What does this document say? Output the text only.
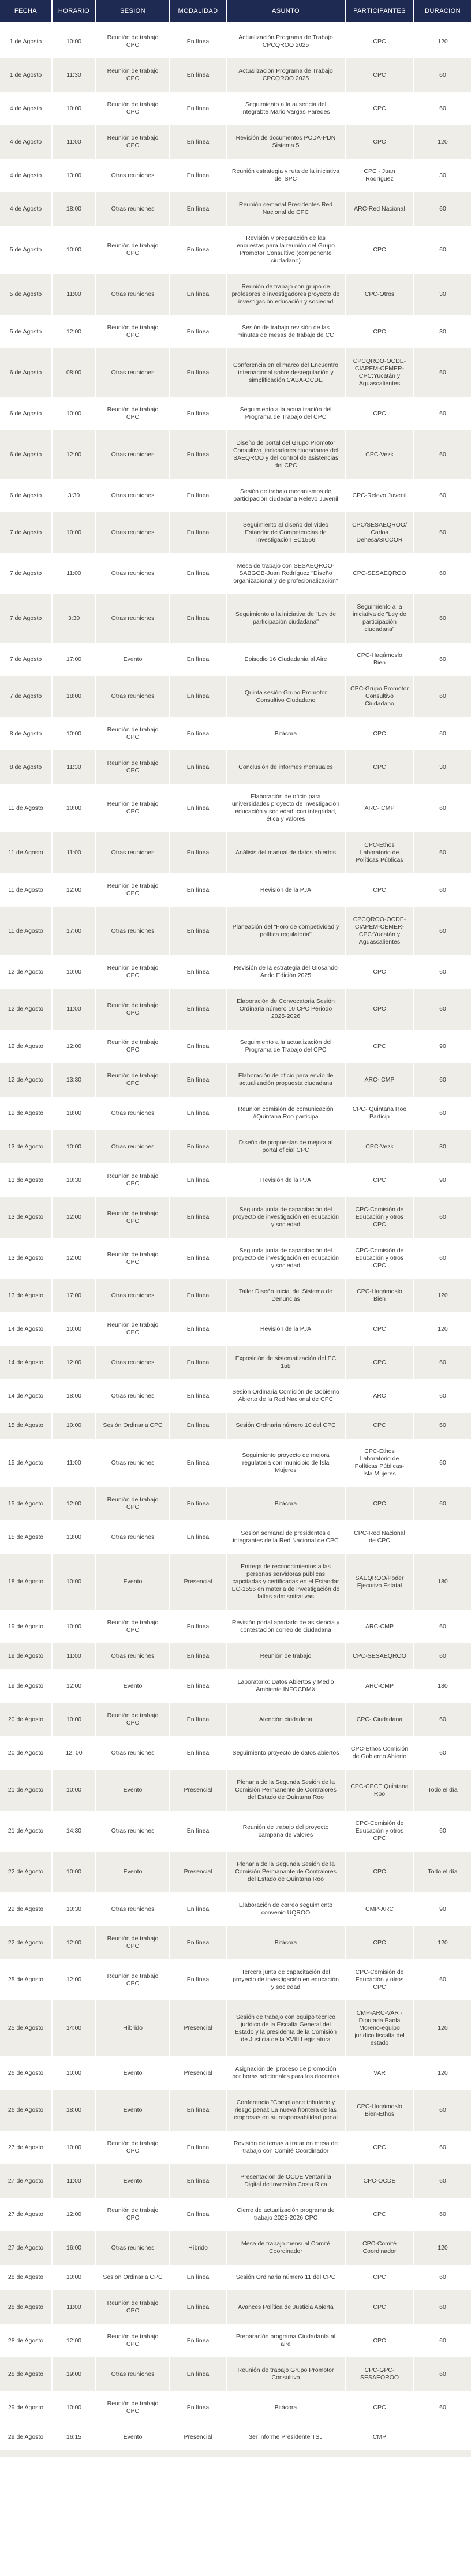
FECHA	HORARIO	SESION	MODALIDAD	ASUNTO	PARTICIPANTES	DURACIÓN
1 de Agosto	10:00	Reunión de trabajo CPC	En línea	Actualización Programa de Trabajo CPCQROO 2025	CPC	120
1 de Agosto	11:30	Reunión de trabajo CPC	En línea	Actualización Programa de Trabajo CPCQROO 2025	CPC	60
4 de Agosto	10:00	Reunión de trabajo CPC	En línea	Seguimiento a la ausencia del integrabte Mario Vargas Paredes	CPC	60
4 de Agosto	11:00	Reunión de trabajo CPC	En línea	Revisión de documentos PCDA-PDN Sistema 5	CPC	120
4 de Agosto	13:00	Otras reuniones	En línea	Reunión estrategia y ruta de la iniciativa del SPC	CPC - Juan Rodríguez	30
4 de Agosto	18:00	Otras reuniones	En línea	Reunión semanal Presidentes Red Nacional de CPC	ARC-Red Nacional	60
5 de Agosto	10:00	Reunión de trabajo CPC	En línea	Revisión y preparación de las encuestas para la reunión del Grupo Promotor Consultivo (componente ciudadano)	CPC	60
5 de Agosto	11:00	Otras reuniones	En línea	Reunión de trabajo con grupo de profesores e investigadores proyecto de investigación educación y sociedad	CPC-Otros	30
5 de Agosto	12:00	Reunión de trabajo CPC	En línea	Sesión de trabajo revisión de las minutas de mesas de trabajo de CC	CPC	30
6 de Agosto	08:00	Otras reuniones	En línea	Conferencia en el marco del Encuentro internacional sobre desregulación y simplificación CABA-OCDE	CPCQROO-OCDE-CIAPEM-CEMER-CPC:Yucatán y Aguascalientes	60
6 de Agosto	10:00	Reunión de trabajo CPC	En línea	Seguimiento a la actualización del Programa de Trabajo del CPC	CPC	60
6 de Agosto	12:00	Otras reuniones	En línea	Diseño de portal del Grupo Promotor Consultivo_indicadores ciudadanos del SAEQROO y del control de asistencias del CPC	CPC-Vezk	60
6 de Agosto	3:30	Otras reuniones	En línea	Sesión de trabajo mecanismos de participación ciudadana Relevo Juvenil	CPC-Relevo Juvenil	60
7 de Agosto	10:00	Otras reuniones	En línea	Seguimiento al diseño del video Estandar de Competencias de Investigación EC1556	CPC/SESAEQROO/Carlos Dehesa/SICCOR	60
7 de Agosto	11:00	Otras reuniones	En línea	Mesa de trabajo con SESAEQROO-SABGOB-Juan Rodríguez "Diseño organizacional y de profesionalización"	CPC-SESAEQROO	60
7 de Agosto	3:30	Otras reuniones	En línea	Seguimiento a la iniciativa de "Ley de participación ciudadana"	Seguimiento a la iniciativa de "Ley de participación ciudadana"	60
7 de Agosto	17:00	Evento	En línea	Episodio 16 Ciudadania al Aire	CPC-Hagámoslo Bien	60
7 de Agosto	18:00	Otras reuniones	En línea	Quinta sesión Grupo Promotor Consultivo Ciudadano	CPC-Grupo Promotor Consultivo Ciudadano	60
8 de Agosto	10:00	Reunión de trabajo CPC	En línea	Bitácora	CPC	60
8 de Agosto	11:30	Reunión de trabajo CPC	En línea	Conclusión de informes mensuales	CPC	30
11 de Agosto	10:00	Reunión de trabajo CPC	En línea	Elaboración de oficio para universidades proyecto de investigación educación y sociedad, con integridad, ética y valores	ARC- CMP	60
11 de Agosto	11:00	Otras reuniones	En línea	Análisis del manual de datos abiertos	CPC-Ethos Laboratorio de Políticas Públicas	60
11 de Agosto	12:00	Reunión de trabajo CPC	En línea	Revisión de la PJA	CPC	60
11 de Agosto	17:00	Otras reuniones	En línea	Planeación del "Foro de competividad y política regulatoria"	CPCQROO-OCDE-CIAPEM-CEMER-CPC:Yucatán y Aguascalientes	60
12 de Agosto	10:00	Reunión de trabajo CPC	En línea	Revisión de la estrategia del Glosando Ando Edición 2025	CPC	60
12 de Agosto	11:00	Reunión de trabajo CPC	En línea	Elaboración de Convocatoria Sesión Ordinaria número 10 CPC Periodo 2025-2026	CPC	60
12 de Agosto	12:00	Reunión de trabajo CPC	En línea	Seguimiento a la actualización del Programa de Trabajo del CPC	CPC	90
12 de Agosto	13:30	Reunión de trabajo CPC	En línea	Elaboración de oficio para envío de actualización propuesta ciudadana	ARC- CMP	60
12 de Agosto	18:00	Otras reuniones	En línea	Reunión comisión de comunicación #Quintana Roo participa	CPC- Quintana Roo Particip	60
13 de Agosto	10:00	Otras reuniones	En línea	Diseño de propuestas de mejora al portal oficial CPC	CPC-Vezk	30
13 de Agosto	10:30	Reunión de trabajo CPC	En línea	Revisión de la PJA	CPC	90
13 de Agosto	12:00	Reunión de trabajo CPC	En línea	Segunda junta de capacitación del proyecto de investigación en educación y sociedad	CPC-Comisión de Educación y otros CPC	60
13 de Agosto	12:00	Reunión de trabajo CPC	En línea	Segunda junta de capacitación del proyecto de investigación en educación y sociedad	CPC-Comisión de Educación y otros CPC	60
13 de Agosto	17:00	Otras reuniones	En línea	Taller Diseño inicial del Sistema de Denuncias	CPC-Hagámoslo Bien	120
14 de Agosto	10:00	Reunión de trabajo CPC	En línea	Revisión de la PJA	CPC	120
14 de Agosto	12:00	Otras reuniones	En línea	Exposición de sistematización del EC 155	CPC	60
14 de Agosto	18:00	Otras reuniones	En línea	Sesión Ordinaria Comisión de Gobierno Abierto de la Red Nacional de CPC	ARC	60
15 de Agosto	10:00	Sesión Ordinaria CPC	En línea	Sesión Ordinaria número 10 del CPC	CPC	60
15 de Agosto	11:00	Otras reuniones	En línea	Seguimiento proyecto de mejora regulatoria con municipio de Isla Mujeres	CPC-Ethos Laboratorio de Políticas Públicas- Isla Mujeres	60
15 de Agosto	12:00	Reunión de trabajo CPC	En línea	Bitácora	CPC	60
15 de Agosto	13:00	Otras reuniones	En línea	Sesión semanal de presidentes e integrantes de la Red Nacional de CPC	CPC-Red Nacional de CPC	
18 de Agosto	10:00	Evento	Presencial	Entrega de reconocimientos a las personas servidoras públicas capcitadas y certificadas en el Estandar EC-1556 en materia de investigación de faltas admisnitrativas	SAEQROO/Poder Ejecutivo Estatal	180
19 de Agosto	10:00	Reunión de trabajo CPC	En línea	Revisión portal apartado de asistencia y contestación correo de ciudadana	ARC-CMP	60
19 de Agosto	11:00	Otras reuniones	En línea	Reunión de trabajo	CPC-SESAEQROO	60
19 de Agosto	12:00	Evento	En línea	Laboratorio: Datos Abiertos y Medio Ambiente INFOCDMX	ARC-CMP	180
20 de Agosto	10:00	Reunión de trabajo CPC	En línea	Atención ciudadana	CPC- Ciudadana	60
20 de Agosto	12: 00	Otras reuniones	En línea	Seguimiento proyecto de datos abiertos	CPC-Ethos Comisión de Gobierno Abierto	60
21 de Agosto	10:00	Evento	Presencial	Plenaria de la Segunda Sesión de la Comisión Permanente de Contralores del Estado de Quintana Roo	CPC-CPCE Quintana Roo	Todo el día
21 de Agosto	14:30	Otras reuniones	En línea	Reunión de trabajo del proyecto campaña de valores	CPC-Comisión de Educación y otros CPC	60
22 de Agosto	10:00	Evento	Presencial	Plenaria de la Segunda Sesión de la Comisión Permanante de Contralores del Estado de Quintana Roo	CPC	Todo el día
22 de Agosto	10:30	Otras reuniones	En línea	Elaboración de correo seguimiento convenio UQROO	CMP-ARC	90
22 de Agosto	12:00	Reunión de trabajo CPC	En línea	Bitácora	CPC	120
25 de Agosto	12:00	Reunión de trabajo CPC	En línea	Tercera junta de capacitación del proyecto de investigación en educación y sociedad	CPC-Comisión de Educación y otros CPC	60
25 de Agosto	14:00	Híbrido	Presencial	Sesión de trabajo con equipo técnico jurídico de la Fiscalía General del Estado y la presidenta de la Comisión de Justicia de la XVIII Legislatura	CMP-ARC-VAR - Diputada Paola Moreno-equipo jurídico fiscalía del estado	120
26 de Agosto	10:00	Evento	Presencial	Asignación del proceso de promoción por horas adicionales para los docentes	VAR	120
26 de Agosto	18:00	Evento	En línea	Conferencia "Compliance tributario y riesgo penal: La nueva frontera de las empresas en su responsabilidad penal	CPC-Hagámoslo Bien-Ethos	60
27 de Agosto	10:00	Reunión de trabajo CPC	En línea	Revisión de temas a tratar en mesa de trabajo con Comité Coordinador	CPC	60
27 de Agosto	11:00	Evento	En línea	Presentación de OCDE Ventanilla Digital de Inversión Costa Rica	CPC-OCDE	60
27 de Agosto	12:00	Reunión de trabajo CPC	En línea	Cierre de actualización programa de trabajo 2025-2026 CPC	CPC	60
27 de Agosto	16:00	Otras reuniones	Híbrido	Mesa de trabajo mensual Comité Coordinador	CPC-Comité Coordinador	120
28 de Agosto	10:00	Sesión Ordinaria CPC	En línea	Sesión Ordinaria número 11 del CPC	CPC	60
28 de Agosto	11:00	Reunión de trabajo CPC	En línea	Avances Política de Justicia Abierta	CPC	60
28 de Agosto	12:00	Reunión de trabajo CPC	En línea	Preparación programa Ciudadanía al aire	CPC	60
28 de Agosto	19:00	Otras reuniones	En línea	Reunión de trabajo Grupo Promotor Consultivo	CPC-GPC-SESAEQROO	60
29 de Agosto	10:00	Reunión de trabajo CPC	En línea	Bitácora	CPC	60
29 de Agosto	16:15	Evento	Presencial	3er informe Presidente TSJ	CMP	
